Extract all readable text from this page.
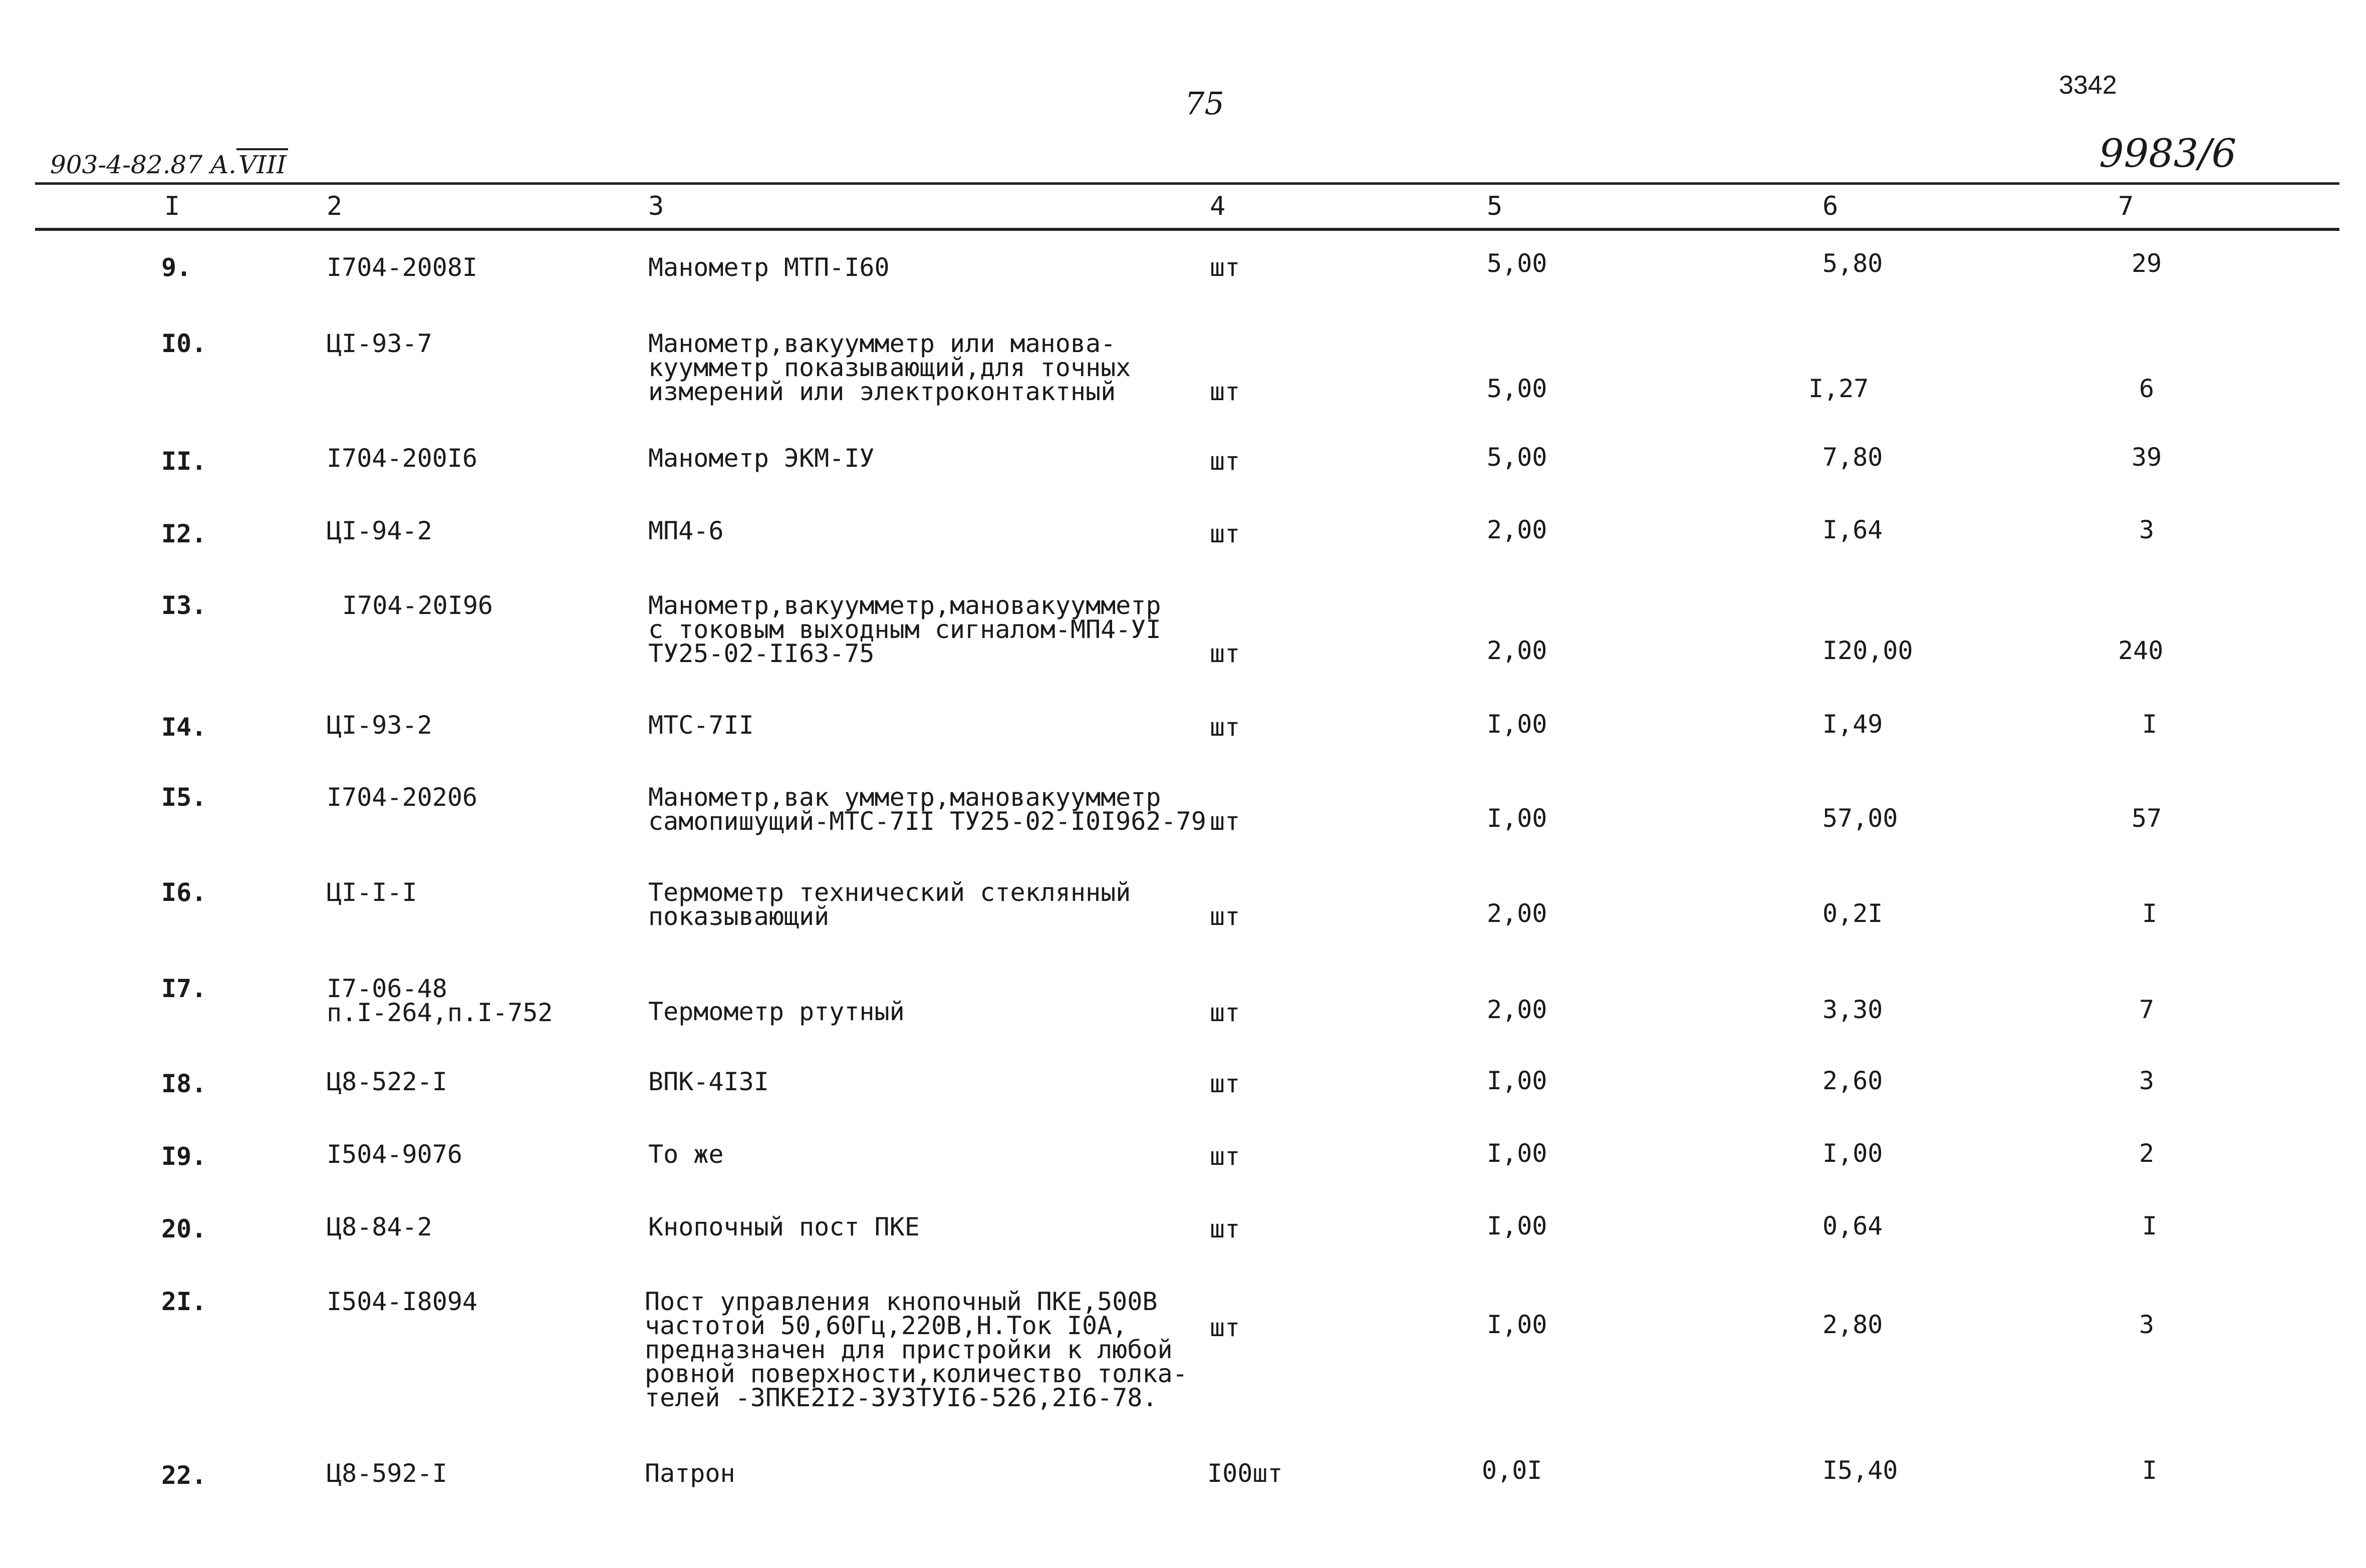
75	3342
903-4-82.87 A.VIII	9983/6
I	2	3	4	5	6	7
9.	I704-2008I	Манометр МТП-I60	шт	5,00	5,80	29
I0.	ЦI-93-7	Манометр,вакуумметр или манова-
куумметр показывающий,для точных
измерений или электроконтактный	шт	5,00	I,27	6
II.	I704-200I6	Манометр ЭКМ-IУ	шт	5,00	7,80	39
I2.	ЦI-94-2	МП4-6	шт	2,00	I,64	3
I3.	I704-20I96	Манометр,вакуумметр,мановакуумметр
с токовым выходным сигналом-МП4-УI
ТУ25-02-II63-75	шт	2,00	I20,00	240
I4.	ЦI-93-2	МТС-7II	шт	I,00	I,49	I
I5.	I704-20206	Манометр,вак умметр,мановакуумметр
самопишущий-МТС-7II ТУ25-02-I0I962-79 шт	I,00	57,00	57
I6.	ЦI-I-I	Термометр технический стеклянный
показывающий	шт	2,00	0,2I	I
I7.	I7-06-48
п.I-264,п.I-752	Термометр ртутный	шт	2,00	3,30	7
I8.	Ц8-522-I	ВПК-4I3I	шт	I,00	2,60	3
I9.	I504-9076	То же	шт	I,00	I,00	2
20.	Ц8-84-2	Кнопочный пост ПКЕ	шт	I,00	0,64	I
2I.	I504-I8094	Пост управления кнопочный ПКЕ,500В
частотой 50,60Гц,220В,Н.Ток I0А,
предназначен для пристройки к любой
ровной поверхности,количество толка-
телей -3ПКЕ2I2-3У3ТУI6-526,2I6-78.
шт	I,00	2,80	3
22.	Ц8-592-I	Патрон	I00шт	0,0I	I5,40	I
